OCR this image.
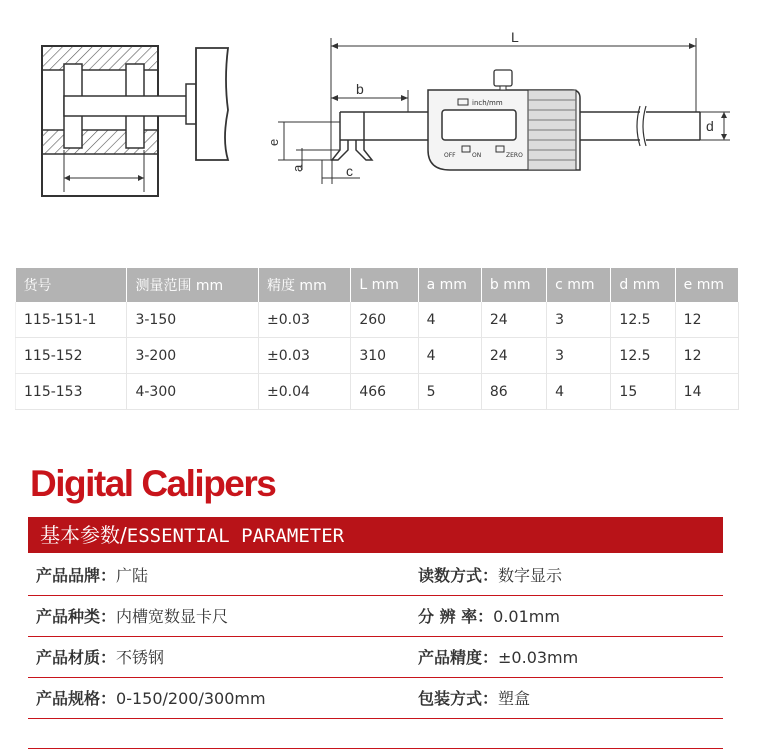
L
b
d
c
a
e
inch/mm
OFF	ON	ZERO
货号	测量范围 mm	精度 mm	L mm	a mm	b mm	c mm	d mm	e mm
115-151-1	3-150	±0.03	260	4	24	3	12.5	12
115-152	3-200	±0.03	310	4	24	3	12.5	12
115-153	4-300	±0.04	466	5	86	4	15	14
Digital Calipers
基本参数/ESSENTIAL PARAMETER
产品品牌：广陆	读数方式：数字显示
产品种类：内槽宽数显卡尺	分 辨 率：0.01mm
产品材质：不锈钢	产品精度：±0.03mm
产品规格：0-150/200/300mm	包装方式：塑盒
